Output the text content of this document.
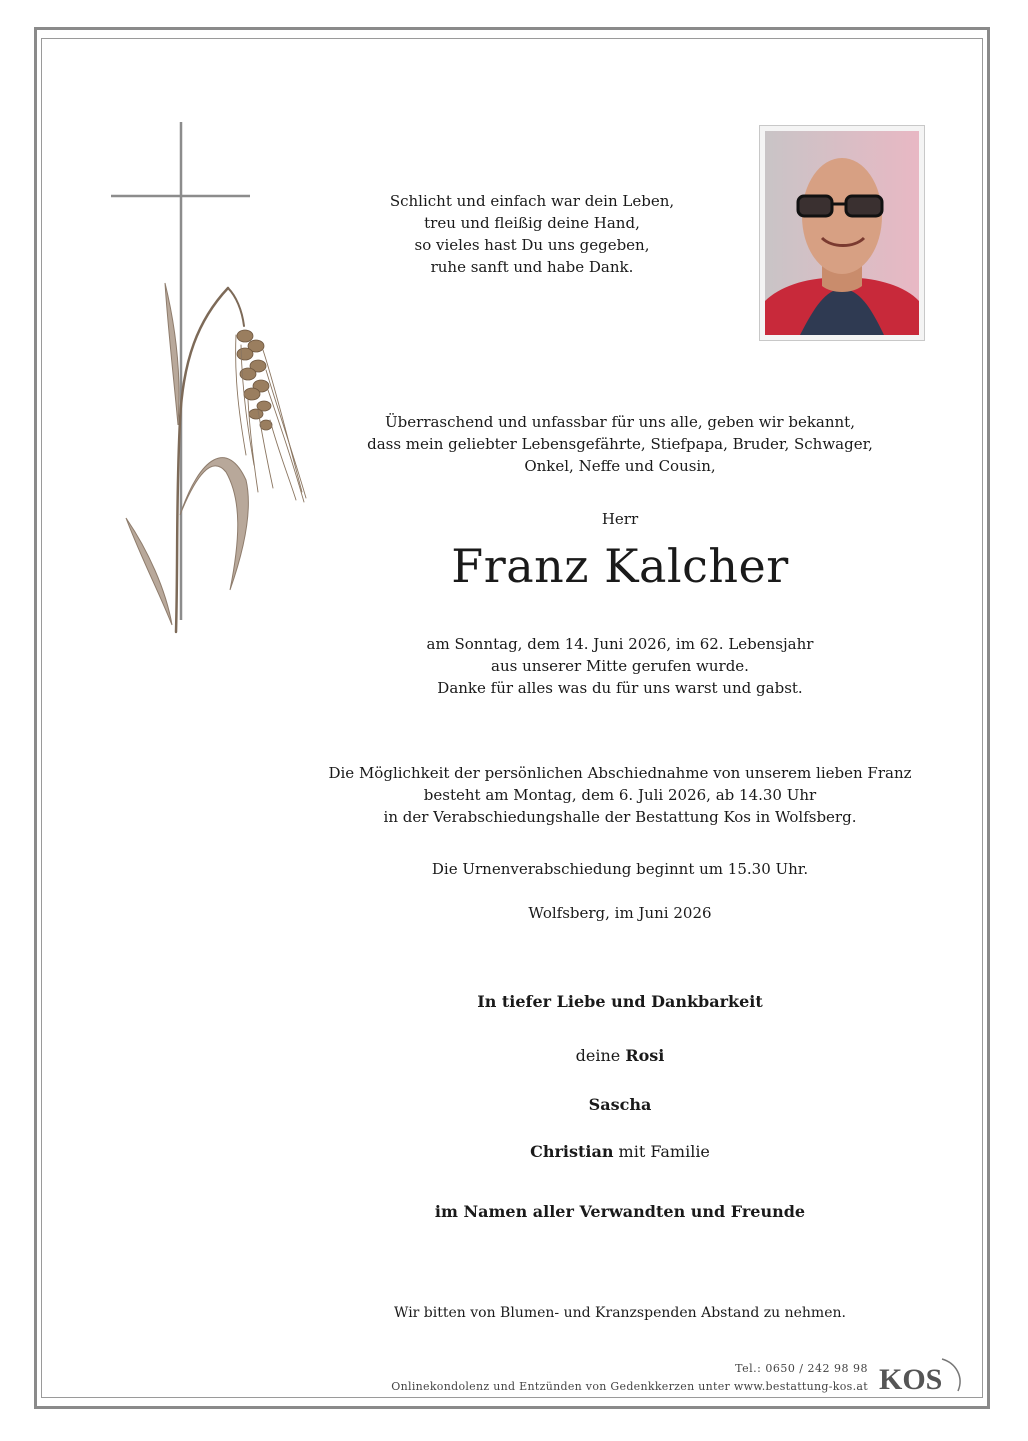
Schlicht und einfach war dein Leben,
treu und fleißig deine Hand,
so vieles hast Du uns gegeben,
ruhe sanft und habe Dank.
Überraschend und unfassbar für uns alle, geben wir bekannt,
dass mein geliebter Lebensgefährte, Stiefpapa, Bruder, Schwager,
Onkel, Neffe und Cousin,
Herr
Franz Kalcher
am Sonntag, dem 14. Juni 2026, im 62. Lebensjahr
aus unserer Mitte gerufen wurde.
Danke für alles was du für uns warst und gabst.
Die Möglichkeit der persönlichen Abschiednahme von unserem lieben Franz
besteht am Montag, dem 6. Juli 2026, ab 14.30 Uhr
in der Verabschiedungshalle der Bestattung Kos in Wolfsberg.
Die Urnenverabschiedung beginnt um 15.30 Uhr.
Wolfsberg, im Juni 2026
In tiefer Liebe und Dankbarkeit
deine Rosi
Sascha
Christian mit Familie
im Namen aller Verwandten und Freunde
Wir bitten von Blumen- und Kranzspenden Abstand zu nehmen.
Tel.: 0650 / 242 98 98
Onlinekondolenz und Entzünden von Gedenkkerzen unter www.bestattung-kos.at KOS
